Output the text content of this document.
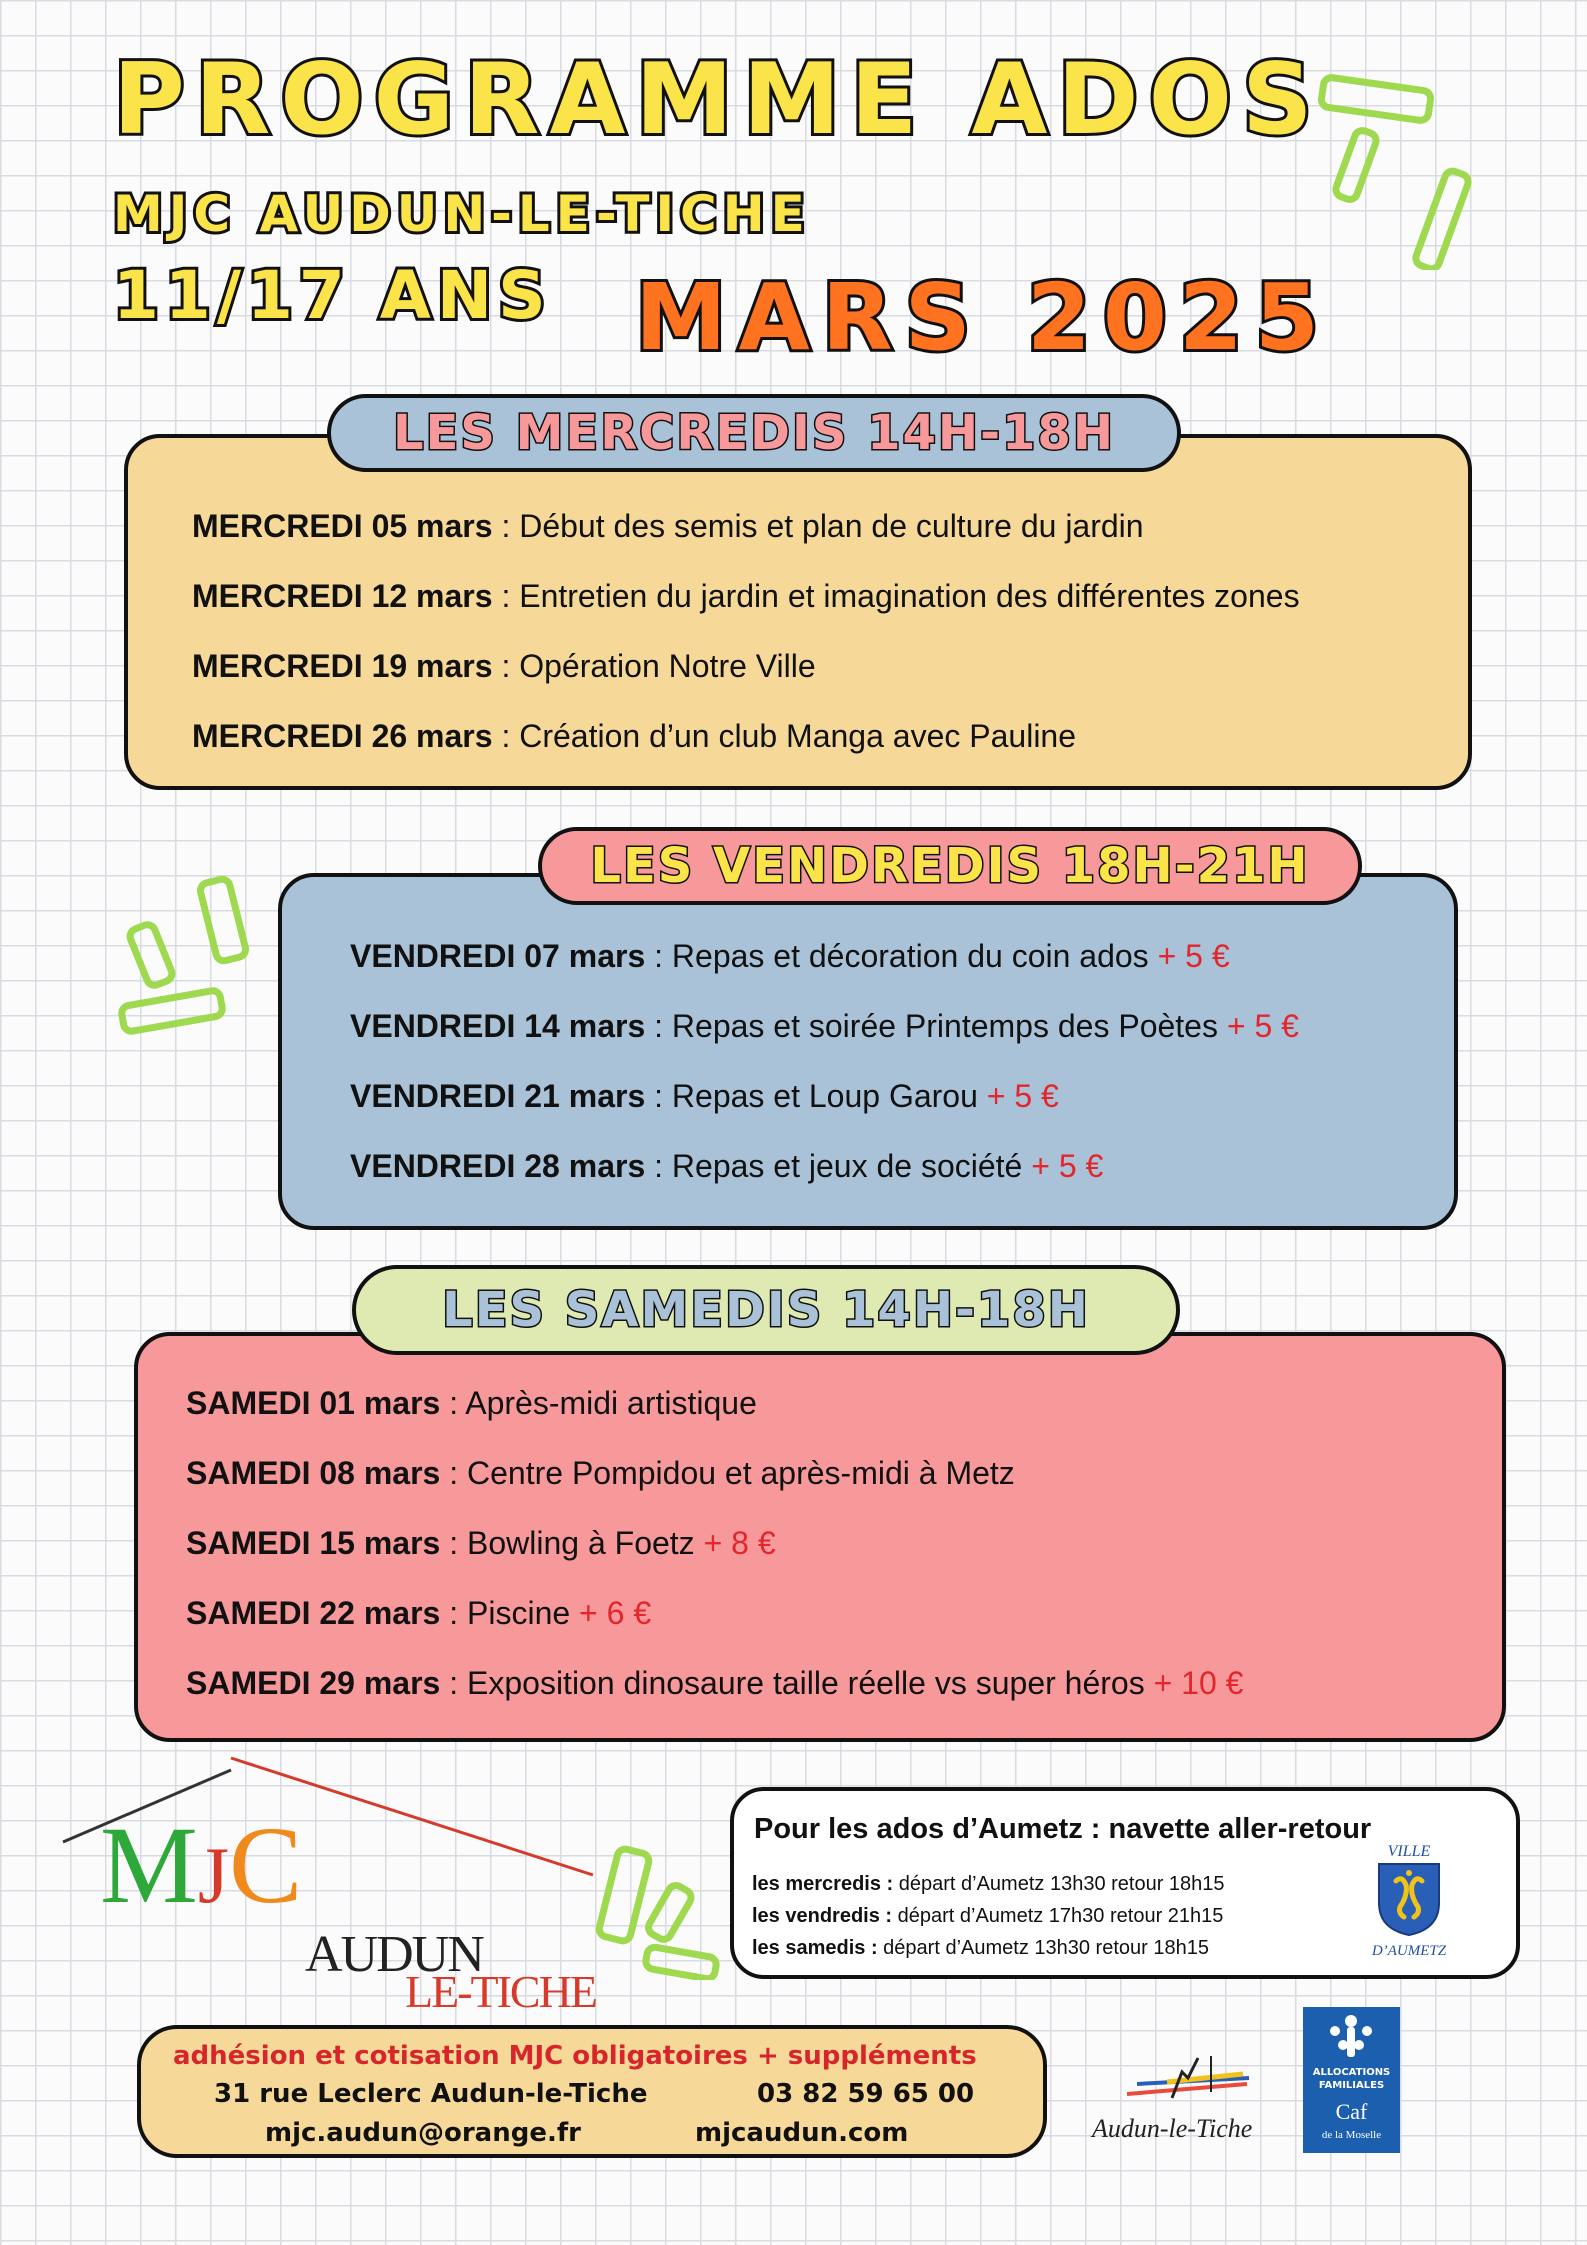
PROGRAMME ADOS
MJC AUDUN-LE-TICHE
11/17 ANS MARS 2025
LES MERCREDIS 14H-18H
MERCREDI 05 mars : Début des semis et plan de culture du jardin
MERCREDI 12 mars : Entretien du jardin et imagination des différentes zones
MERCREDI 19 mars : Opération Notre Ville
MERCREDI 26 mars : Création d’un club Manga avec Pauline
LES VENDREDIS 18H-21H
VENDREDI 07 mars : Repas et décoration du coin ados + 5 €
VENDREDI 14 mars : Repas et soirée Printemps des Poètes + 5 €
VENDREDI 21 mars : Repas et Loup Garou + 5 €
VENDREDI 28 mars : Repas et jeux de société + 5 €
LES SAMEDIS 14H-18H
SAMEDI 01 mars : Après-midi artistique
SAMEDI 08 mars : Centre Pompidou et après-midi à Metz
SAMEDI 15 mars : Bowling à Foetz + 8 €
SAMEDI 22 mars : Piscine + 6 €
SAMEDI 29 mars : Exposition dinosaure taille réelle vs super héros + 10 €
MJC
AUDUN
LE-TICHE
Pour les ados d’Aumetz : navette aller-retour
les mercredis : départ d’Aumetz 13h30 retour 18h15
les vendredis : départ d’Aumetz 17h30 retour 21h15
les samedis : départ d’Aumetz 13h30 retour 18h15
VILLE
D’AUMETZ
adhésion et cotisation MJC obligatoires + suppléments
31 rue Leclerc Audun-le-Tiche	03 82 59 65 00
mjc.audun@orange.fr	mjcaudun.com	Audun-le-Tiche
ALLOCATIONS
FAMILIALES
Caf
de la Moselle
